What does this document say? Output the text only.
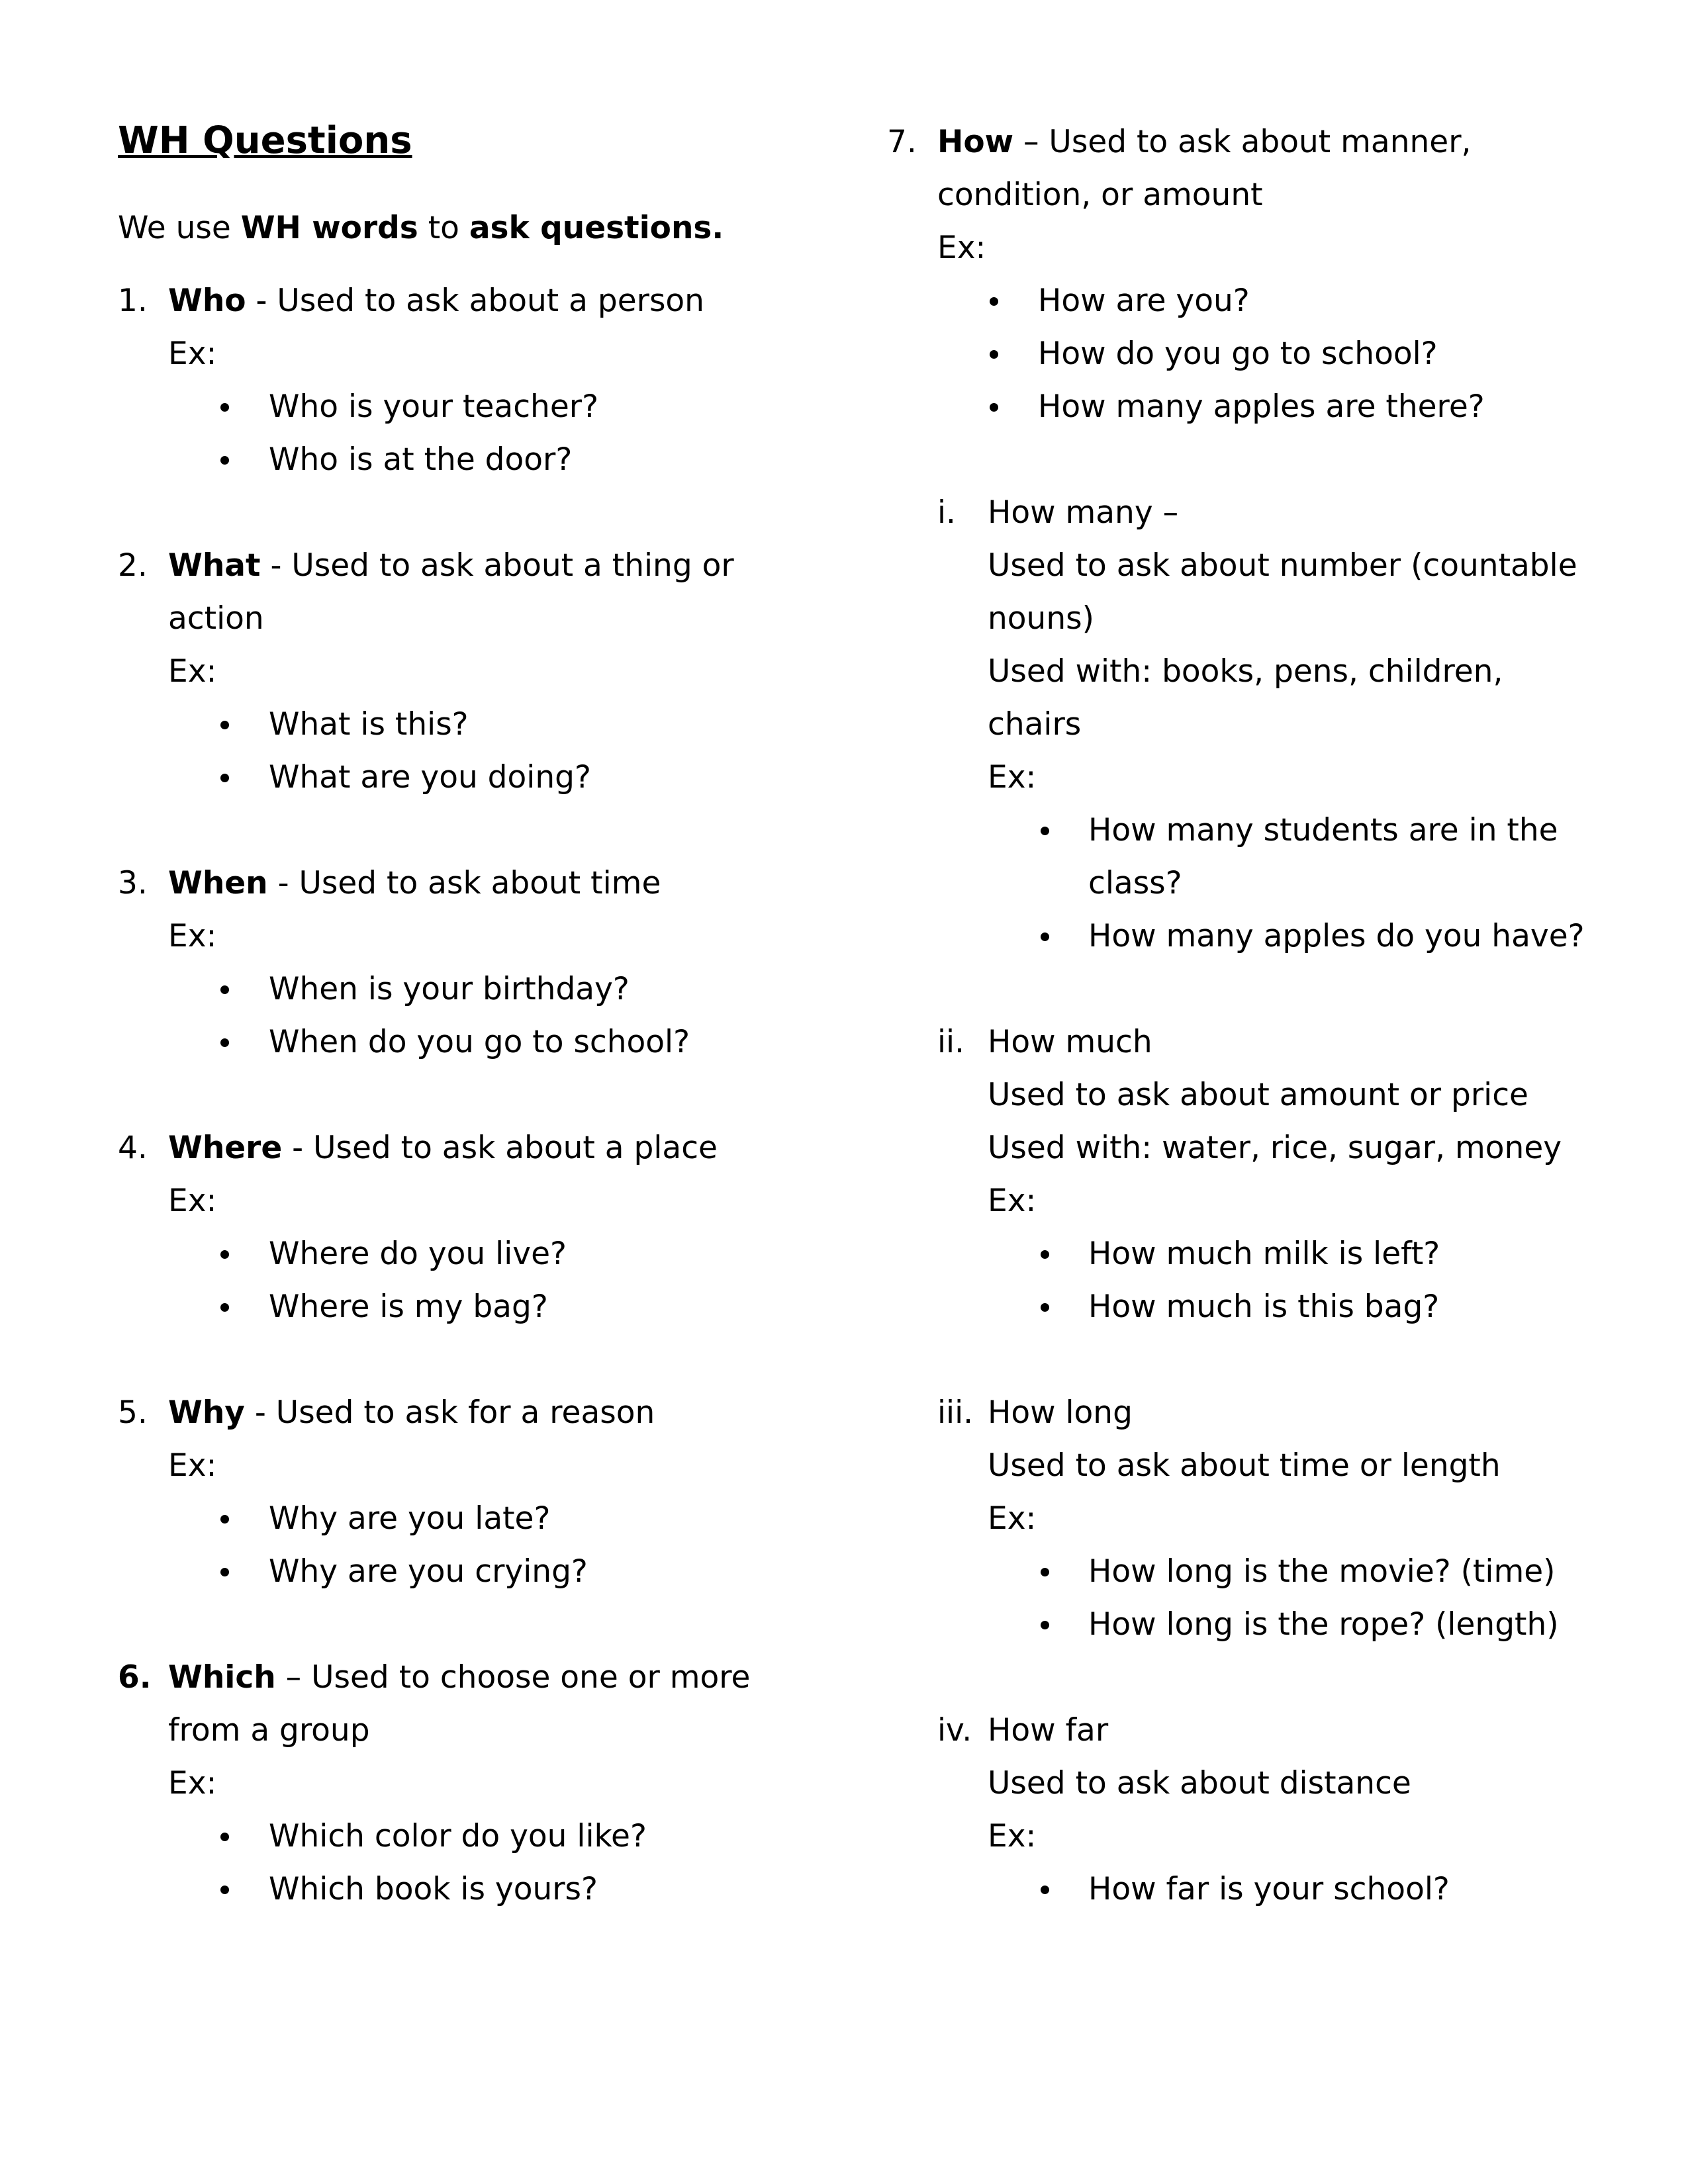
WH Questions
We use WH words to ask questions.
1. Who - Used to ask about a person
Ex:
Who is your teacher?
Who is at the door?
2. What - Used to ask about a thing or
action
Ex:
What is this?
What are you doing?
3. When - Used to ask about time
Ex:
When is your birthday?
When do you go to school?
4. Where - Used to ask about a place
Ex:
Where do you live?
Where is my bag?
5. Why - Used to ask for a reason
Ex:
Why are you late?
Why are you crying?
6. Which – Used to choose one or more
from a group
Ex:
Which color do you like?
Which book is yours?
7. How – Used to ask about manner,
condition, or amount
Ex:
How are you?
How do you go to school?
How many apples are there?
i. How many –
Used to ask about number (countable
nouns)
Used with: books, pens, children,
chairs
Ex:
How many students are in the
class?
How many apples do you have?
ii. How much
Used to ask about amount or price
Used with: water, rice, sugar, money
Ex:
How much milk is left?
How much is this bag?
iii. How long
Used to ask about time or length
Ex:
How long is the movie? (time)
How long is the rope? (length)
iv. How far
Used to ask about distance
Ex:
How far is your school?
